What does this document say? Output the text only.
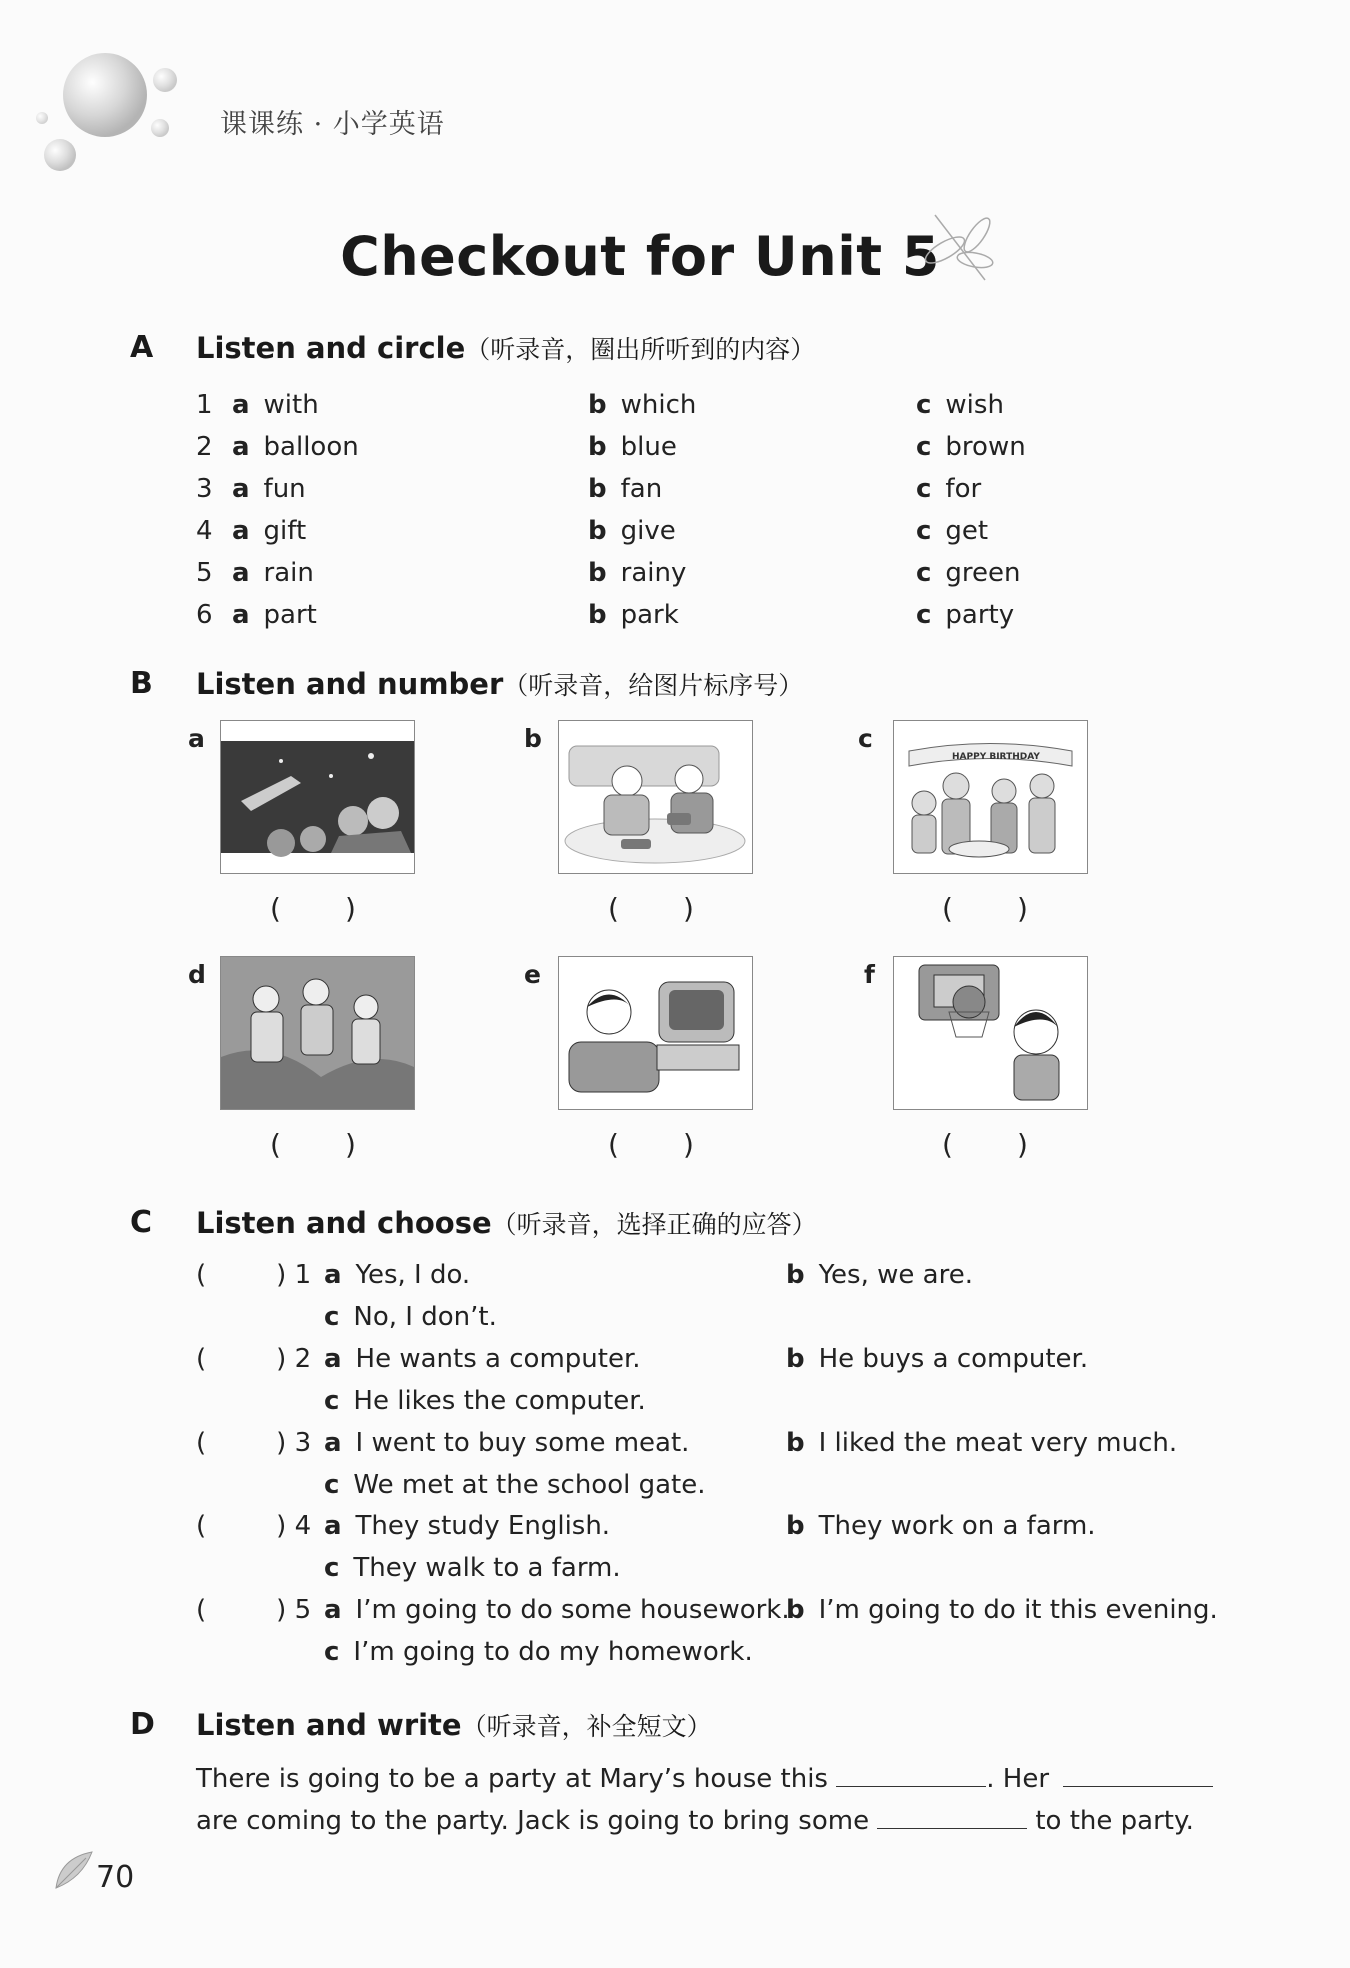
课课练 · 小学英语
Checkout for Unit 5
A Listen and circle（听录音，圈出所听到的内容）
1 a with	b which	c wish
2 a balloon	b blue	c brown
3 a fun	b fan	c for
4 a gift	b give	c get
5 a rain	b rainy	c green
6 a part	b park	c party
B Listen and number（听录音，给图片标序号）
a
( )
b
( )
c
HAPPY BIRTHDAY
( )
d
( )
e
( )
f
( )
C Listen and choose（听录音，选择正确的应答）
(	) 1 a Yes, I do.	b Yes, we are.
c No, I don’t.
(	) 2 a He wants a computer.	b He buys a computer.
c He likes the computer.
(	) 3 a I went to buy some meat.	b I liked the meat very much.
c We met at the school gate.
(	) 4 a They study English.	b They work on a farm.
c They walk to a farm.
(	) 5 a I’m going to do some housework.
b I’m going to do it this evening.
c I’m going to do my homework.
D Listen and write（听录音，补全短文）
There is going to be a party at Mary’s house this	. Her
are coming to the party. Jack is going to bring some	to the party.
70
